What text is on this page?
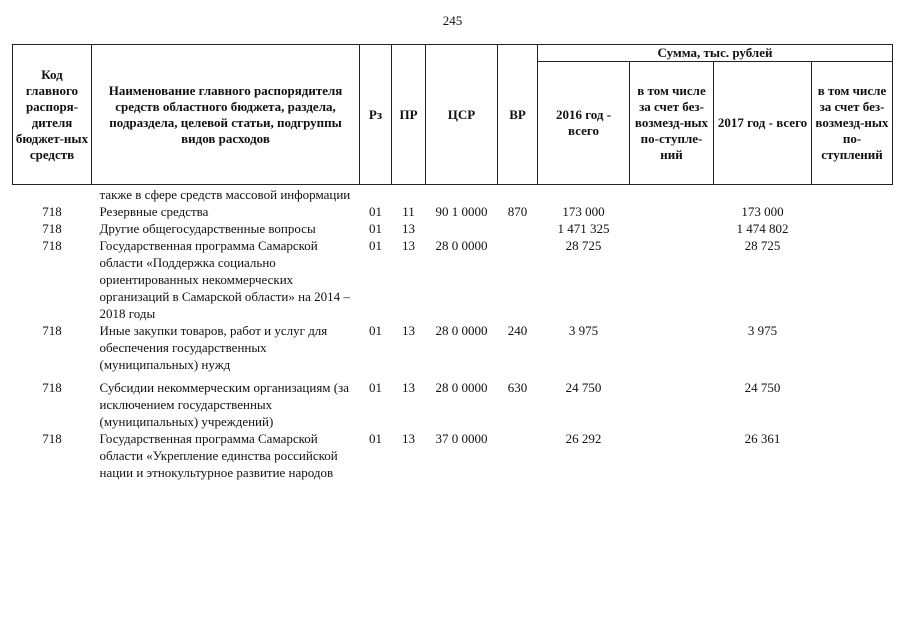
245
Код главного распоря-дителя бюджет-ных средств	Наименование главного распорядителя средств областного бюджета, раздела, подраздела, целевой статьи, подгруппы видов расходов	Рз	ПР	ЦСР	ВР	Сумма, тыс. рублей			
						2016 год - всего	в том числе за счет без-возмезд-ных по-ступле-ний	2017 год - всего	в том числе за счет без-возмезд-ных по-ступлений
	также в сфере средств массовой информации								
718	Резервные средства	01	11	90 1 0000	870	173 000		173 000	
718	Другие общегосударственные вопросы	01	13			1 471 325		1 474 802	
718	Государственная программа Самарской области «Поддержка социально ориентированных некоммерческих организаций в Самарской области» на 2014 – 2018 годы	01	13	28 0 0000		28 725		28 725	
718	Иные закупки товаров, работ и услуг для обеспечения государственных (муниципальных) нужд	01	13	28 0 0000	240	3 975		3 975	
718	Субсидии некоммерческим организациям (за исключением государственных (муниципальных) учреждений)	01	13	28 0 0000	630	24 750		24 750	
718	Государственная программа Самарской области «Укрепление единства российской нации и этнокультурное развитие народов	01	13	37 0 0000		26 292		26 361	
